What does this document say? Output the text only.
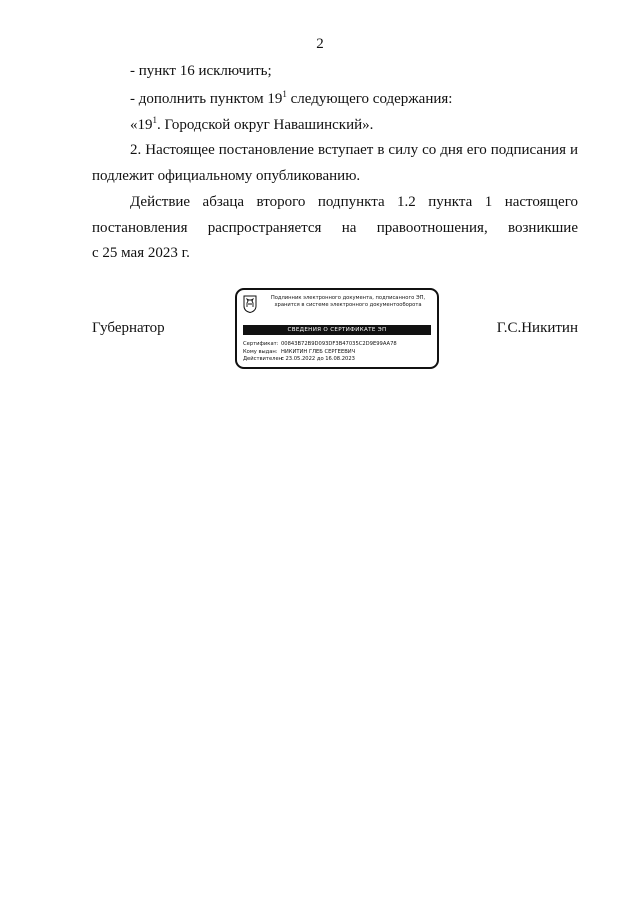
2

- пункт 16 исключить;

- дополнить пунктом $19^1$ следующего содержания:

«$19^1$. Городской округ Навашинский».

2. Настоящее постановление вступает в силу со дня его подписания и подлежит официальному опубликованию.

Действие абзаца второго подпункта 1.2 пункта 1 настоящего

постановления распространяется на правоотношения, возникшие

с 25 мая 2023 г.

Губернатор	Г.С.Никитин
Подлинник электронного документа, подписанного ЭП,
хранится в системе электронного документооборота
СВЕДЕНИЯ О СЕРТИФИКАТЕ ЭП
Сертификат: 00843B72B9D093DF3B47035C2D9E99AA78
Кому выдан: НИКИТИН ГЛЕБ СЕРГЕЕВИЧ
Действителен:с 23.05.2022 до 16.08.2023
